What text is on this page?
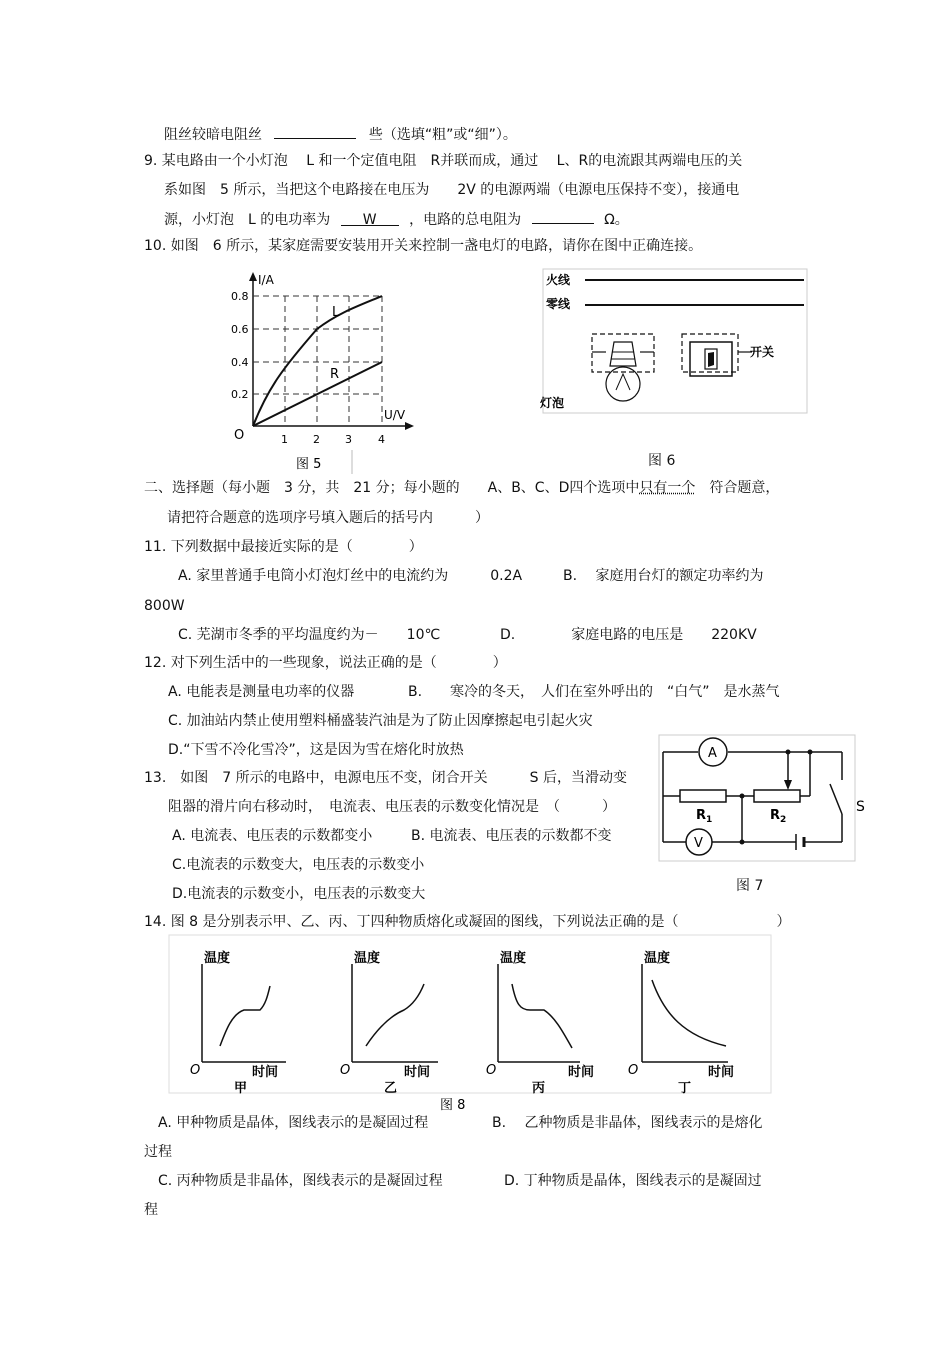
阻丝较暗电阻丝	些（选填“粗”或“细”）。
9. 某电路由一个小灯泡　 L 和一个定值电阻　R并联而成，通过　 L、R的电流跟其两端电压的关
系如图　5 所示，当把这个电路接在电压为　　2V 的电源两端（电源电压保持不变），接通电
源，小灯泡　L 的电功率为 W ，电路的总电阻为	Ω。
10. 如图　6 所示，某家庭需要安装用开关来控制一盏电灯的电路，请你在图中正确连接。
I/A
U/V
O
0.8
0.6
0.4
0.2
1 2 3 4
L
R
图 5
火线
零线
灯泡
开关
图 6
二、选择题（每小题　3 分，共　21 分；每小题的　　A、B、C、D四个选项中只有一个 符合题意，
请把符合题意的选项序号填入题后的括号内　　　）
11. 下列数据中最接近实际的是（　　　　）
A. 家里普通手电筒小灯泡灯丝中的电流约为　　　0.2A	B.　 家庭用台灯的额定功率约为
800W
C. 芜湖市冬季的平均温度约为－　　10℃	D.　　　　家庭电路的电压是　　220KV
12. 对下列生活中的一些现象，说法正确的是（　　　　）
A. 电能表是测量电功率的仪器	B.　　寒冷的冬天，　人们在室外呼出的　“白气”　是水蒸气
C. 加油站内禁止使用塑料桶盛装汽油是为了防止因摩擦起电引起火灾
D.“下雪不冷化雪冷”，这是因为雪在熔化时放热
13.　如图　7 所示的电路中，电源电压不变，闭合开关　　　S 后，当滑动变
阻器的滑片向右移动时，　电流表、电压表的示数变化情况是　（　　　）
A. 电流表、电压表的示数都变小	B. 电流表、电压表的示数都不变
C.电流表的示数变大，电压表的示数变小
D.电流表的示数变小，电压表的示数变大
A
$R_1$	$R_2$
V
S
图 7
14. 图 8 是分别表示甲、乙、丙、丁四种物质熔化或凝固的图线，下列说法正确的是（　　　　　　　）
温度
O	时间
甲
温度
O	时间
乙
温度
O	时间
丙
温度
O	时间
丁
图 8
A. 甲种物质是晶体，图线表示的是凝固过程	B.　 乙种物质是非晶体，图线表示的是熔化
过程
C. 丙种物质是非晶体，图线表示的是凝固过程	D. 丁种物质是晶体，图线表示的是凝固过
程
